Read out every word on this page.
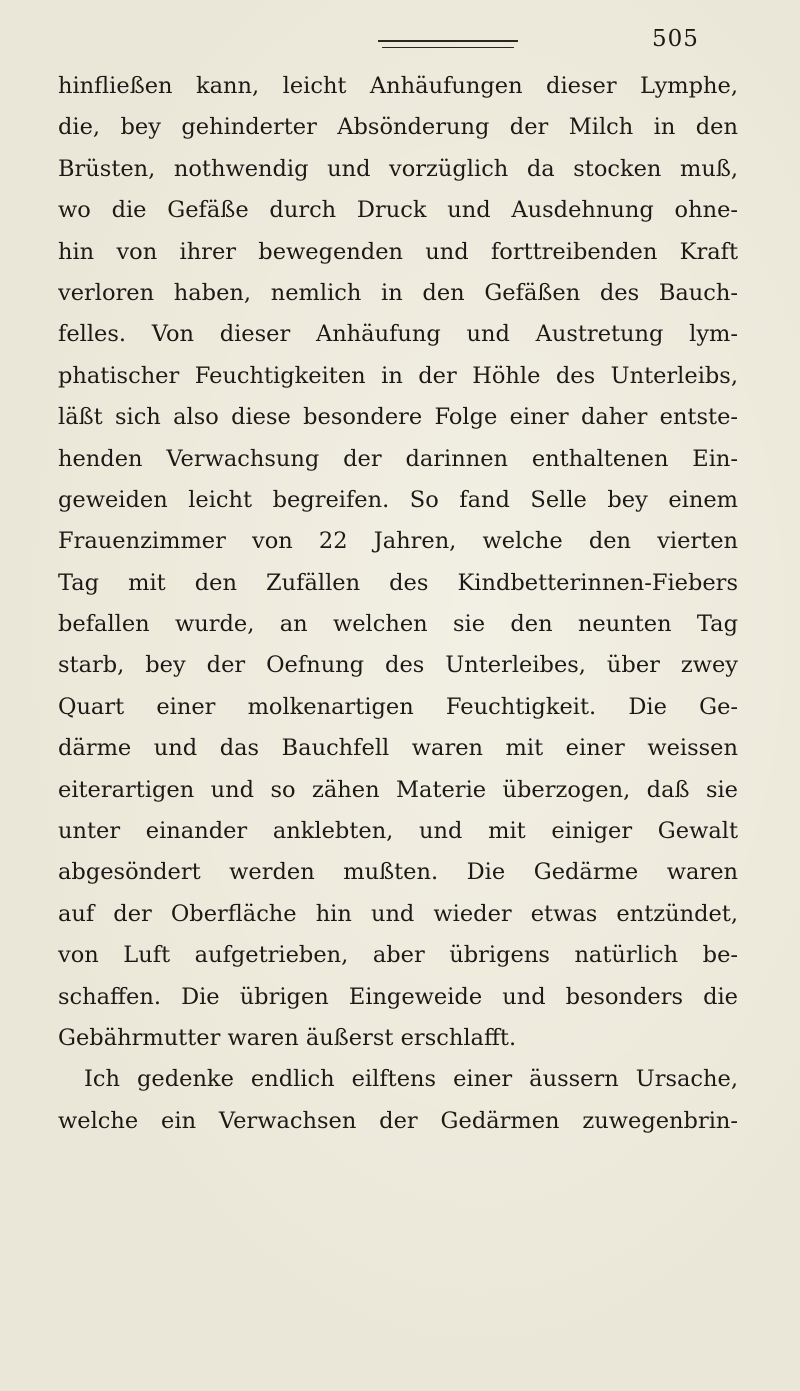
505
hinfließen kann, leicht Anhäufungen dieser Lymphe,
die, bey gehinderter Absönderung der Milch in den
Brüsten, nothwendig und vorzüglich da stocken muß,
wo die Gefäße durch Druck und Ausdehnung ohne-
hin von ihrer bewegenden und forttreibenden Kraft
verloren haben, nemlich in den Gefäßen des Bauch-
felles. Von dieser Anhäufung und Austretung lym-
phatischer Feuchtigkeiten in der Höhle des Unterleibs,
läßt sich also diese besondere Folge einer daher entste-
henden Verwachsung der darinnen enthaltenen Ein-
geweiden leicht begreifen. So fand Selle bey einem
Frauenzimmer von 22 Jahren, welche den vierten
Tag mit den Zufällen des Kindbetterinnen-Fiebers
befallen wurde, an welchen sie den neunten Tag
starb, bey der Oefnung des Unterleibes, über zwey
Quart einer molkenartigen Feuchtigkeit. Die Ge-
därme und das Bauchfell waren mit einer weissen
eiterartigen und so zähen Materie überzogen, daß sie
unter einander anklebten, und mit einiger Gewalt
abgesöndert werden mußten. Die Gedärme waren
auf der Oberfläche hin und wieder etwas entzündet,
von Luft aufgetrieben, aber übrigens natürlich be-
schaffen. Die übrigen Eingeweide und besonders die
Gebährmutter waren äußerst erschlafft.
Ich gedenke endlich eilftens einer äussern Ursache,
welche ein Verwachsen der Gedärmen zuwegenbrin-
